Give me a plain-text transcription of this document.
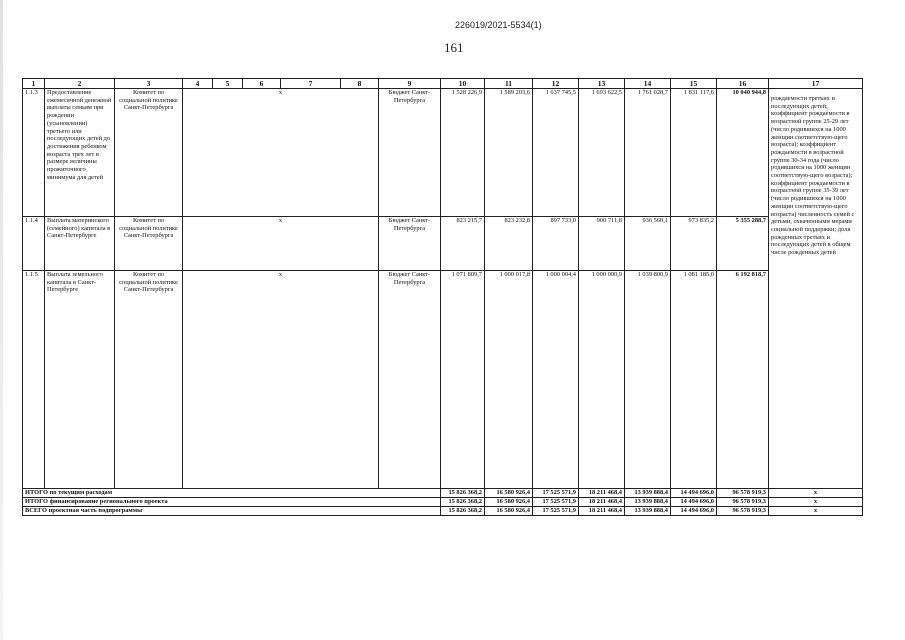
226019/2021-5534(1)
161
1	2	3	4	5	6	7	8	9	10	11	12	13	14	15	16	17
1.1.3	Предоставление ежемесячной денежной выплаты семьям при рождении (усыновлении) третьего или последующих детей до достижения ребенком возраста трех лет в размере величины прожиточного минимума для детей	Комитет по социальной политике Санкт-Петербурга	x					Бюджет Санкт-Петербурга	1 528 226,9	1 589 203,6	1 637 745,5	1 693 622,5	1 761 028,7	1 831 117,6	10 040 944,8	рождаемости третьих и последующих детей; коэффициент рождаемости в возрастной группе 25-29 лет (число родившихся на 1000 женщин соответствую-щего возраста); коэффициент рождаемости в возрастной группе 30-34 года (число родившихся на 1000 женщин соответствую-щего возраста); коэффициент рождаемости в возрастной группе 35-39 лет (число родившихся на 1000 женщин соответствую-щего возраста) численность семей с детьми, охваченными мерами социальной поддержки; доля рожденных третьих и последующих детей в общем числе рожденных детей
1.1.4	Выплата материнского (семейного) капитала в Санкт-Петербурге	Комитет по социальной политике Санкт-Петербурга	x					Бюджет Санкт-Петербурга	823 215,7	823 232,8	897 733,0	900 711,8	936 560,1	973 835,2	5 355 288,7	
1.1.5	Выплата земельного капитала в Санкт-Петербурге	Комитет по социальной политике Санкт-Петербурга	x					Бюджет Санкт-Петербурга	1 071 809,7	1 000 017,8	1 000 004,4	1 000 000,9	1 039 800,9	1 081 185,0	6 192 818,7	
ИТОГО по текущим расходам									15 826 368,2	16 580 926,4	17 525 571,9	18 211 468,4	13 939 888,4	14 494 696,0	96 578 919,3	x
ИТОГО финансирование регионального проекта									15 826 368,2	16 580 926,4	17 525 571,9	18 211 468,4	13 939 888,4	14 494 696,0	96 578 919,3	x
ВСЕГО проектная часть подпрограммы									15 826 368,2	16 580 926,4	17 525 571,9	18 211 468,4	13 939 888,4	14 494 696,0	96 578 919,3	x
